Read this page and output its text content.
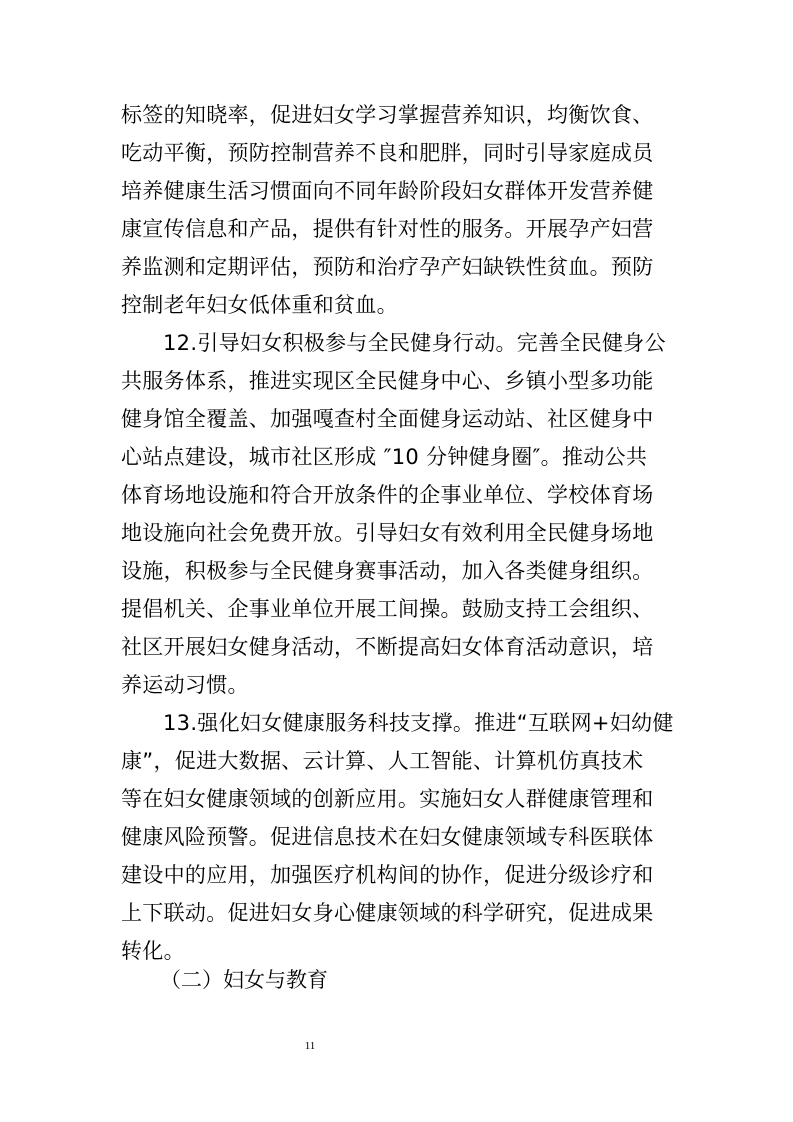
标签的知晓率，促进妇女学习掌握营养知识，均衡饮食、
吃动平衡，预防控制营养不良和肥胖，同时引导家庭成员
培养健康生活习惯面向不同年龄阶段妇女群体开发营养健
康宣传信息和产品，提供有针对性的服务。开展孕产妇营
养监测和定期评估，预防和治疗孕产妇缺铁性贫血。预防
控制老年妇女低体重和贫血。
12.引导妇女积极参与全民健身行动。完善全民健身公
共服务体系，推进实现区全民健身中心、乡镇小型多功能
健身馆全覆盖、加强嘎查村全面健身运动站、社区健身中
心站点建设，城市社区形成 ″10 分钟健身圈″。推动公共
体育场地设施和符合开放条件的企事业单位、学校体育场
地设施向社会免费开放。引导妇女有效利用全民健身场地
设施，积极参与全民健身赛事活动，加入各类健身组织。
提倡机关、企事业单位开展工间操。鼓励支持工会组织、
社区开展妇女健身活动，不断提高妇女体育活动意识，培
养运动习惯。
13.强化妇女健康服务科技支撑。推进“互联网+妇幼健
康”，促进大数据、云计算、人工智能、计算机仿真技术
等在妇女健康领域的创新应用。实施妇女人群健康管理和
健康风险预警。促进信息技术在妇女健康领域专科医联体
建设中的应用，加强医疗机构间的协作，促进分级诊疗和
上下联动。促进妇女身心健康领域的科学研究，促进成果
转化。
（二）妇女与教育
11
